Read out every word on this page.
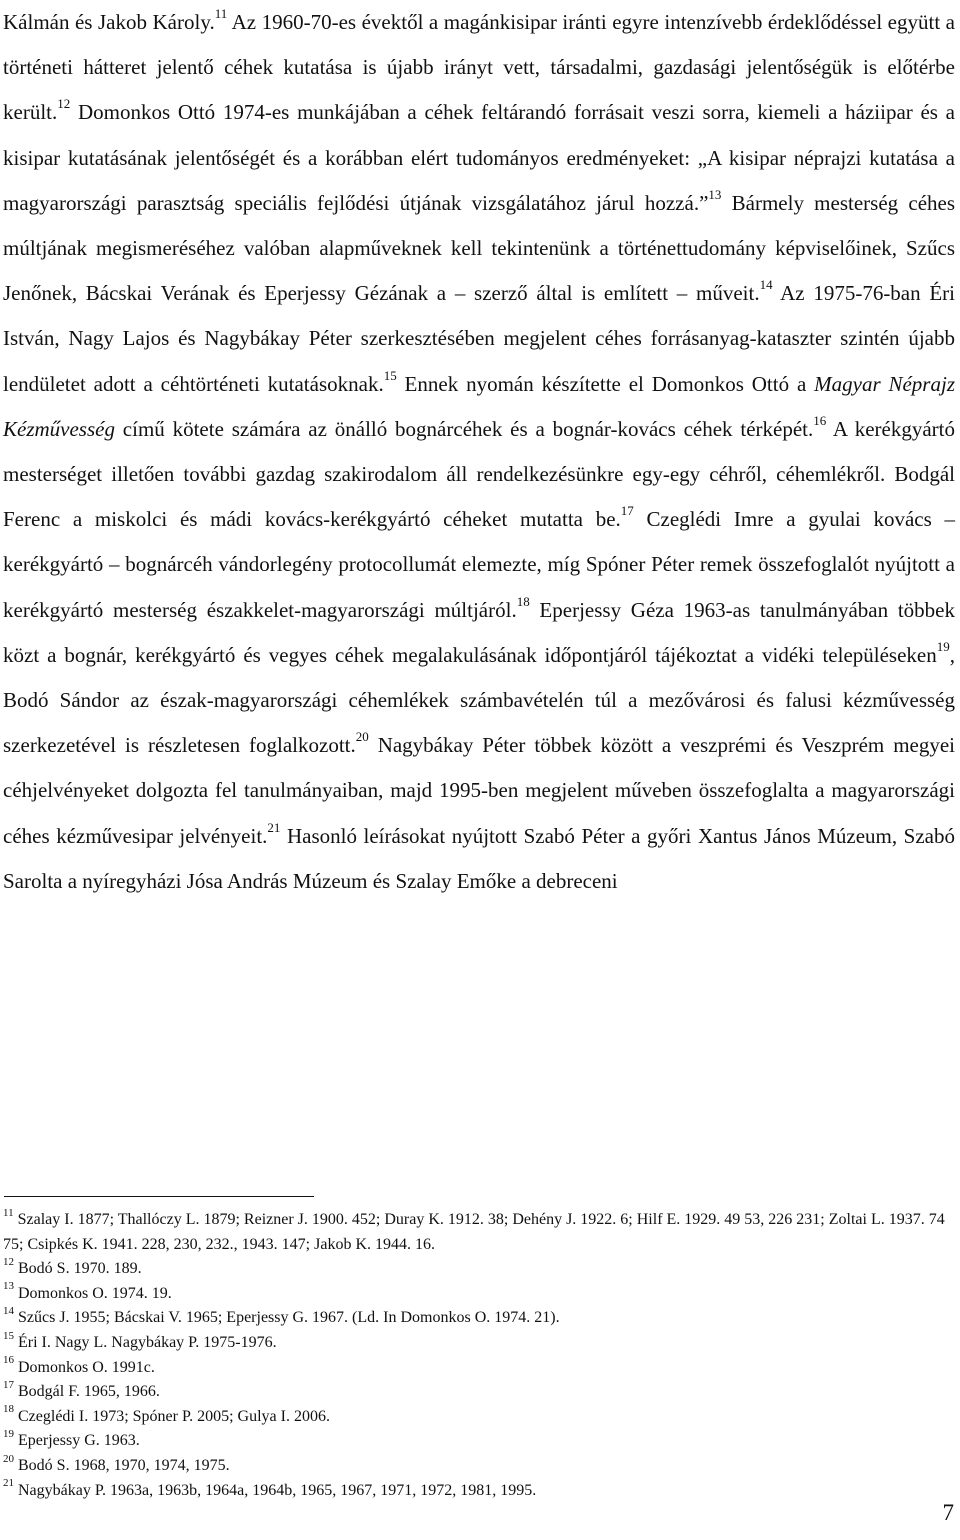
Kálmán és Jakob Károly.$^{11}$ Az 1960-70-es évektől a magánkisipar iránti egyre intenzívebb érdeklődéssel együtt a történeti hátteret jelentő céhek kutatása is újabb irányt vett, társadalmi, gazdasági jelentőségük is előtérbe került.$^{12}$ Domonkos Ottó 1974-es munkájában a céhek feltárandó forrásait veszi sorra, kiemeli a háziipar és a kisipar kutatásának jelentőségét és a korábban elért tudományos eredményeket: „A kisipar néprajzi kutatása a magyarországi parasztság speciális fejlődési útjának vizsgálatához járul hozzá.”$^{13}$ Bármely mesterség céhes múltjának megismeréséhez valóban alapműveknek kell tekintenünk a történettudomány képviselőinek, Szűcs Jenőnek, Bácskai Verának és Eperjessy Gézának a – szerző által is említett – műveit.$^{14}$ Az 1975-76-ban Éri István, Nagy Lajos és Nagybákay Péter szerkesztésében megjelent céhes forrásanyag-kataszter szintén újabb lendületet adott a céhtörténeti kutatásoknak.$^{15}$ Ennek nyomán készítette el Domonkos Ottó a Magyar Néprajz Kézművesség című kötete számára az önálló bognárcéhek és a bognár-kovács céhek térképét.$^{16}$ A kerékgyártó mesterséget illetően további gazdag szakirodalom áll rendelkezésünkre egy-egy céhről, céhemlékről. Bodgál Ferenc a miskolci és mádi kovács-kerékgyártó céheket mutatta be.$^{17}$ Czeglédi Imre a gyulai kovács – kerékgyártó – bognárcéh vándorlegény protocollumát elemezte, míg Spóner Péter remek összefoglalót nyújtott a kerékgyártó mesterség északkelet-magyarországi múltjáról.$^{18}$ Eperjessy Géza 1963-as tanulmányában többek közt a bognár, kerékgyártó és vegyes céhek megalakulásának időpontjáról tájékoztat a vidéki településeken$^{19}$, Bodó Sándor az észak-magyarországi céhemlékek számbavételén túl a mezővárosi és falusi kézművesség szerkezetével is részletesen foglalkozott.$^{20}$ Nagybákay Péter többek között a veszprémi és Veszprém megyei céhjelvényeket dolgozta fel tanulmányaiban, majd 1995-ben megjelent műveben összefoglalta a magyarországi céhes kézművesipar jelvényeit.$^{21}$ Hasonló leírásokat nyújtott Szabó Péter a győri Xantus János Múzeum, Szabó Sarolta a nyíregyházi Jósa András Múzeum és Szalay Emőke a debreceni

$^{11}$ Szalay I. 1877; Thallóczy L. 1879; Reizner J. 1900. 452; Duray K. 1912. 38; Dehény J. 1922. 6; Hilf E. 1929. 49 53, 226 231; Zoltai L. 1937. 74 75; Csipkés K. 1941. 228, 230, 232., 1943. 147; Jakob K. 1944. 16.

$^{12}$ Bodó S. 1970. 189.

$^{13}$ Domonkos O. 1974. 19.

$^{14}$ Szűcs J. 1955; Bácskai V. 1965; Eperjessy G. 1967. (Ld. In Domonkos O. 1974. 21).

$^{15}$ Éri I. Nagy L. Nagybákay P. 1975-1976.

$^{16}$ Domonkos O. 1991c.

$^{17}$ Bodgál F. 1965, 1966.

$^{18}$ Czeglédi I. 1973; Spóner P. 2005; Gulya I. 2006.

$^{19}$ Eperjessy G. 1963.

$^{20}$ Bodó S. 1968, 1970, 1974, 1975.

$^{21}$ Nagybákay P. 1963a, 1963b, 1964a, 1964b, 1965, 1967, 1971, 1972, 1981, 1995.

7
